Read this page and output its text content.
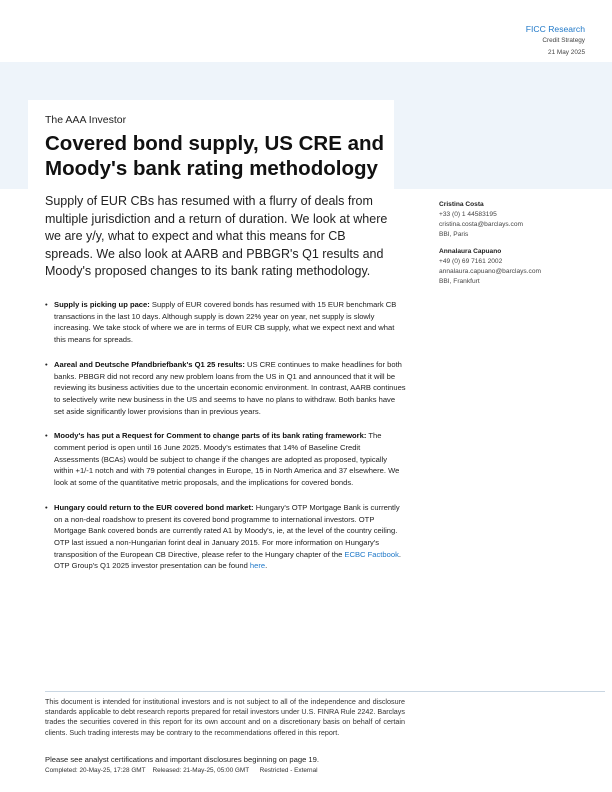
FICC Research
Credit Strategy
21 May 2025
The AAA Investor
Covered bond supply, US CRE and Moody's bank rating methodology
Supply of EUR CBs has resumed with a flurry of deals from multiple jurisdiction and a return of duration. We look at where we are y/y, what to expect and what this means for CB spreads. We also look at AARB and PBBGR's Q1 results and Moody's proposed changes to its bank rating methodology.
Cristina Costa
+33 (0) 1 44583195
cristina.costa@barclays.com
BBI, Paris
Annalaura Capuano
+49 (0) 69 7161 2002
annalaura.capuano@barclays.com
BBI, Frankfurt
• Supply is picking up pace: Supply of EUR covered bonds has resumed with 15 EUR benchmark CB transactions in the last 10 days. Although supply is down 22% year on year, net supply is slowly increasing. We take stock of where we are in terms of EUR CB supply, what we expect next and what this means for spreads.
• Aareal and Deutsche Pfandbriefbank's Q1 25 results: US CRE continues to make headlines for both banks. PBBGR did not record any new problem loans from the US in Q1 and announced that it will be reviewing its business activities due to the uncertain economic environment. In contrast, AARB continues to selectively write new business in the US and seems to have no plans to withdraw. Both banks have set aside significantly lower provisions than in previous years.
• Moody's has put a Request for Comment to change parts of its bank rating framework: The comment period is open until 16 June 2025. Moody's estimates that 14% of Baseline Credit Assessments (BCAs) would be subject to change if the changes are adopted as proposed, typically within +1/-1 notch and with 79 potential changes in Europe, 15 in North America and 37 elsewhere. We look at some of the quantitative metric proposals, and the implications for covered bonds.
• Hungary could return to the EUR covered bond market: Hungary's OTP Mortgage Bank is currently on a non-deal roadshow to present its covered bond programme to international investors. OTP Mortgage Bank covered bonds are currently rated A1 by Moody's, ie, at the level of the country ceiling. OTP last issued a non-Hungarian forint deal in January 2015. For more information on Hungary's transposition of the European CB Directive, please refer to the Hungary chapter of the ECBC Factbook. OTP Group's Q1 2025 investor presentation can be found here.
This document is intended for institutional investors and is not subject to all of the independence and disclosure standards applicable to debt research reports prepared for retail investors under U.S. FINRA Rule 2242. Barclays trades the securities covered in this report for its own account and on a discretionary basis on behalf of certain clients. Such trading interests may be contrary to the recommendations offered in this report.
Please see analyst certifications and important disclosures beginning on page 19.
Completed: 20-May-25, 17:28 GMT Released: 21-May-25, 05:00 GMT Restricted - External
